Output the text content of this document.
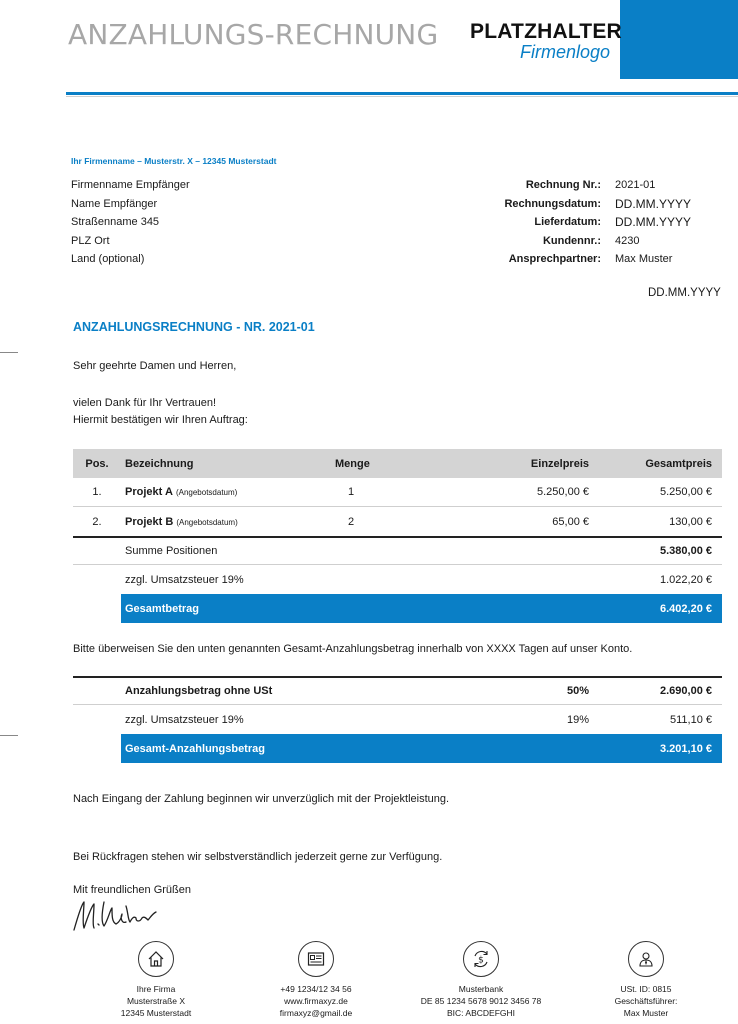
ANZAHLUNGS-RECHNUNG PLATZHALTER
Firmenlogo
Ihr Firmenname – Musterstr. X – 12345 Musterstadt
Firmenname Empfänger
Name Empfänger
Straßenname 345
PLZ Ort
Land (optional)
Rechnung Nr.:	2021-01
Rechnungsdatum:	DD.MM.YYYY
Lieferdatum:	DD.MM.YYYY
Kundennr.:	4230
Ansprechpartner:	Max Muster
DD.MM.YYYY
ANZAHLUNGSRECHNUNG - NR. 2021-01
Sehr geehrte Damen und Herren,
vielen Dank für Ihr Vertrauen!
Hiermit bestätigen wir Ihren Auftrag:
Pos.	Bezeichnung	Menge	Einzelpreis	Gesamtpreis
1.	Projekt A (Angebotsdatum)	1	5.250,00 €	5.250,00 €
2.	Projekt B (Angebotsdatum)	2	65,00 €	130,00 €
Summe Positionen	5.380,00 €
zzgl. Umsatzsteuer 19%	1.022,20 €
Gesamtbetrag	6.402,20 €
Bitte überweisen Sie den unten genannten Gesamt-Anzahlungsbetrag innerhalb von XXXX Tagen auf unser Konto.
Anzahlungsbetrag ohne USt	50%	2.690,00 €
zzgl. Umsatzsteuer 19%	19%	511,10 €
Gesamt-Anzahlungsbetrag	3.201,10 €
Nach Eingang der Zahlung beginnen wir unverzüglich mit der Projektleistung.
Bei Rückfragen stehen wir selbstverständlich jederzeit gerne zur Verfügung.
Mit freundlichen Grüßen
Ihre Firma
Musterstraße X
12345 Musterstadt
+49 1234/12 34 56
www.firmaxyz.de
firmaxyz@gmail.de
$
Musterbank
DE 85 1234 5678 9012 3456 78
BIC: ABCDEFGHI
USt. ID: 0815
Geschäftsführer:
Max Muster
